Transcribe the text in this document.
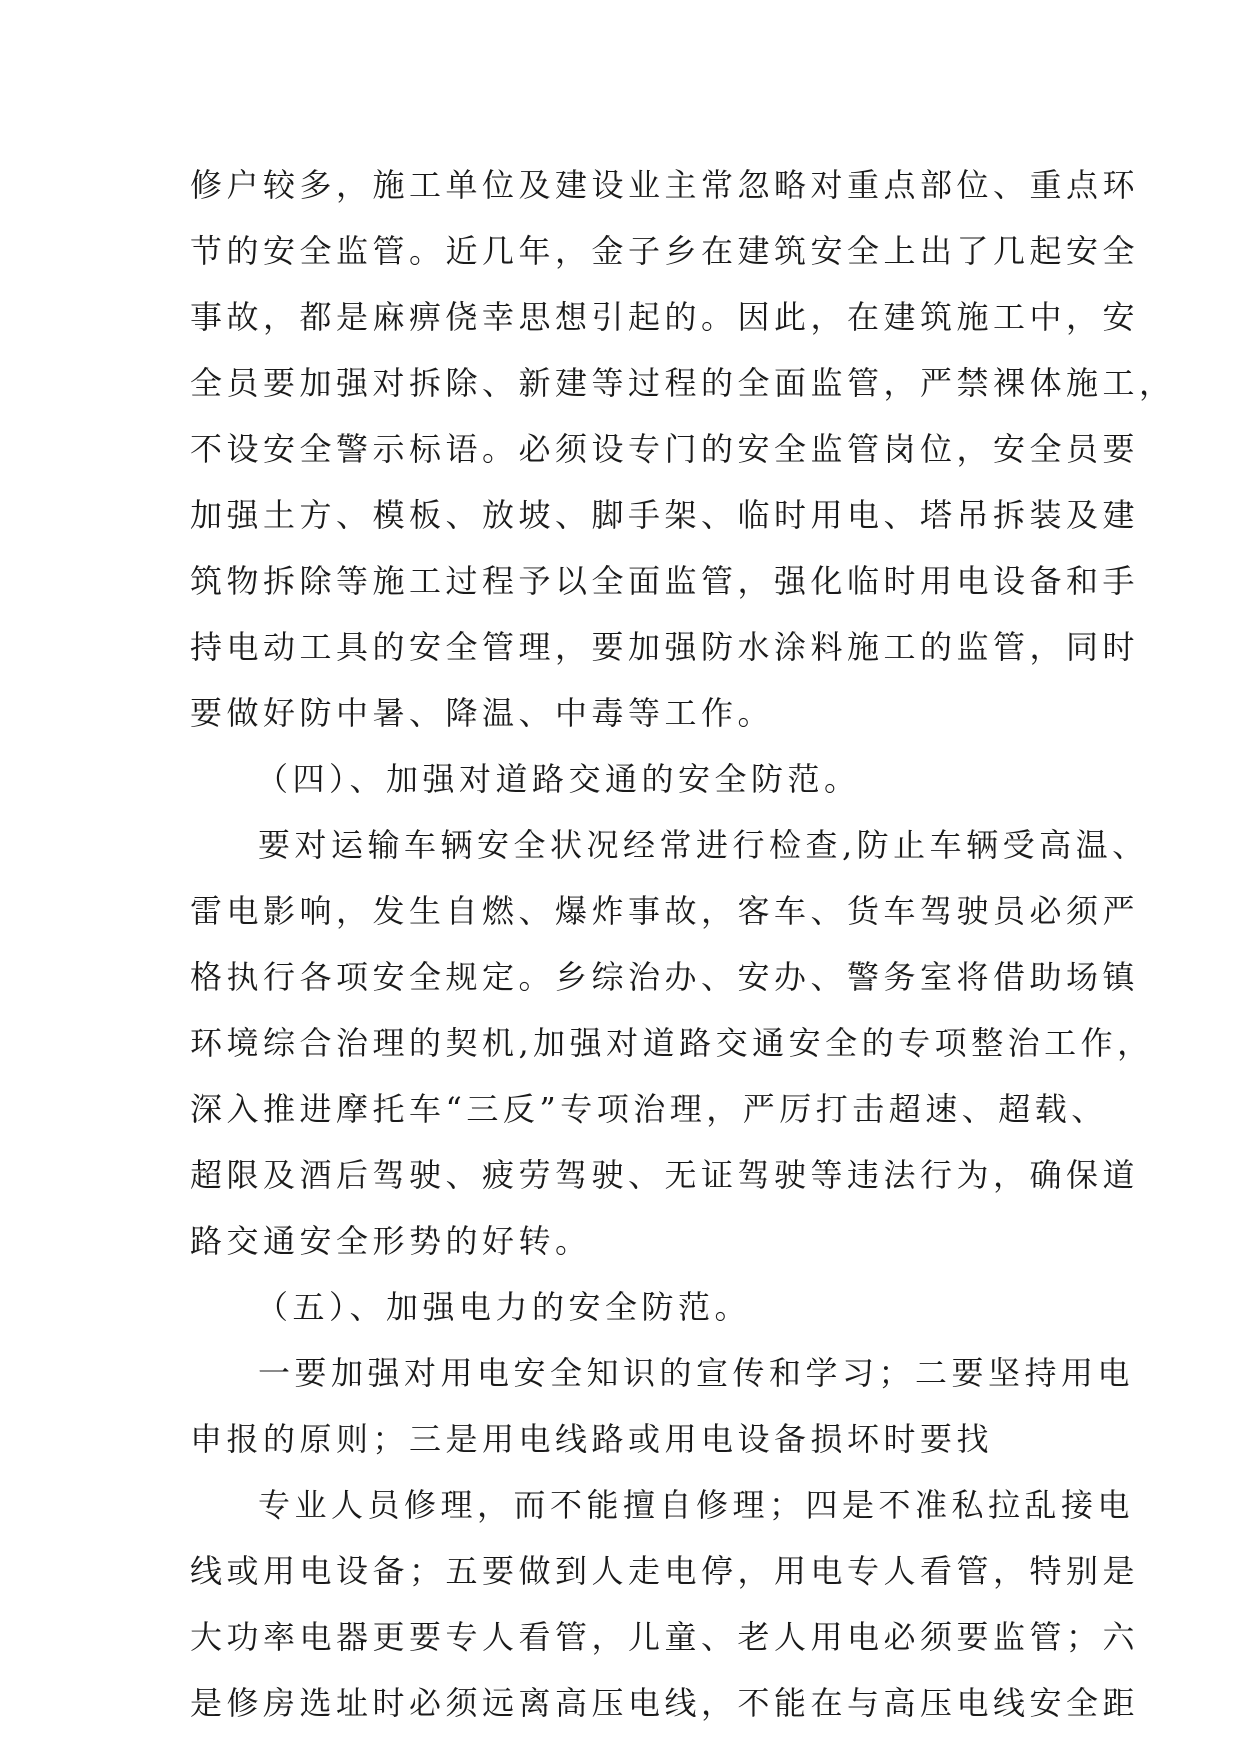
修户较多，施工单位及建设业主常忽略对重点部位、重点环
节的安全监管。近几年，金子乡在建筑安全上出了几起安全
事故，都是麻痹侥幸思想引起的。因此，在建筑施工中，安
全员要加强对拆除、新建等过程的全面监管，严禁裸体施工，
不设安全警示标语。必须设专门的安全监管岗位，安全员要
加强土方、模板、放坡、脚手架、临时用电、塔吊拆装及建
筑物拆除等施工过程予以全面监管，强化临时用电设备和手
持电动工具的安全管理，要加强防水涂料施工的监管，同时
要做好防中暑、降温、中毒等工作。
（四）、加强对道路交通的安全防范。
要对运输车辆安全状况经常进行检查,防止车辆受高温、
雷电影响，发生自燃、爆炸事故，客车、货车驾驶员必须严
格执行各项安全规定。乡综治办、安办、警务室将借助场镇
环境综合治理的契机,加强对道路交通安全的专项整治工作，
深入推进摩托车“三反”专项治理，严厉打击超速、超载、
超限及酒后驾驶、疲劳驾驶、无证驾驶等违法行为，确保道
路交通安全形势的好转。
（五）、加强电力的安全防范。
一要加强对用电安全知识的宣传和学习；二要坚持用电
申报的原则；三是用电线路或用电设备损坏时要找
专业人员修理，而不能擅自修理；四是不准私拉乱接电
线或用电设备；五要做到人走电停，用电专人看管，特别是
大功率电器更要专人看管，儿童、老人用电必须要监管；六
是修房选址时必须远离高压电线，不能在与高压电线安全距
